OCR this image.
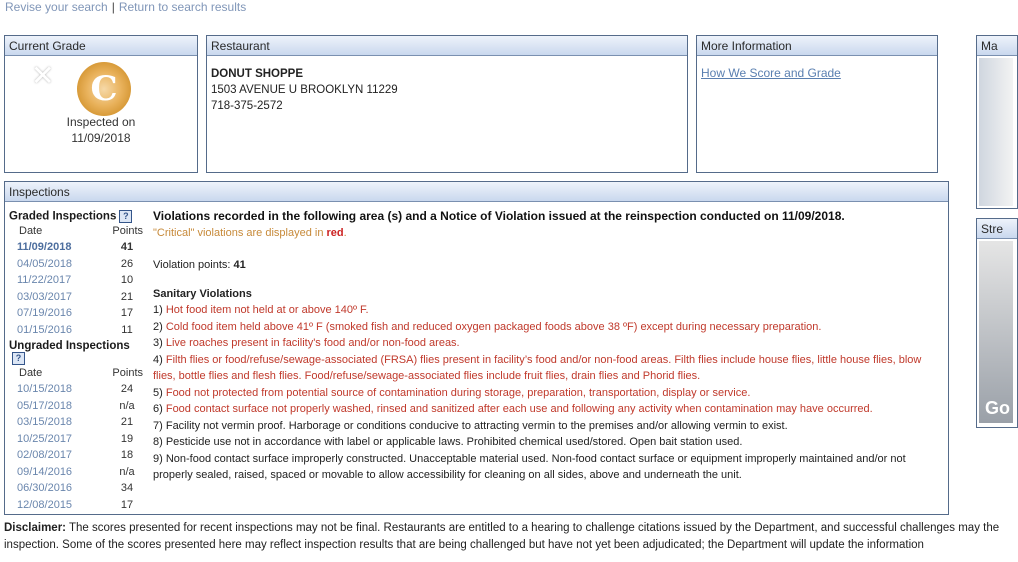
Revise your search | Return to search results
Current Grade
C
✕
Inspected on
11/09/2018
Restaurant
DONUT SHOPPE
1503 AVENUE U BROOKLYN 11229
718-375-2572
More Information
How We Score and Grade
Ma
Stre
Go
Inspections
Graded Inspections ?
Date	Points
11/09/2018	41
04/05/2018	26
11/22/2017	10
03/03/2017	21
07/19/2016	17
01/15/2016	11
Ungraded Inspections?
Date	Points
10/15/2018	24
05/17/2018	n/a
03/15/2018	21
10/25/2017	19
02/08/2017	18
09/14/2016	n/a
06/30/2016	34
12/08/2015	17
Violations recorded in the following area (s) and a Notice of Violation issued at the reinspection conducted on 11/09/2018.
"Critical" violations are displayed in red.
Violation points: 41
Sanitary Violations
1) Hot food item not held at or above 140º F.
2) Cold food item held above 41º F (smoked fish and reduced oxygen packaged foods above 38 ºF) except during necessary preparation.
3) Live roaches present in facility's food and/or non-food areas.
4) Filth flies or food/refuse/sewage-associated (FRSA) flies present in facility’s food and/or non-food areas. Filth flies include house flies, little house flies, blow flies, bottle flies and flesh flies. Food/refuse/sewage-associated flies include fruit flies, drain flies and Phorid flies.
5) Food not protected from potential source of contamination during storage, preparation, transportation, display or service.
6) Food contact surface not properly washed, rinsed and sanitized after each use and following any activity when contamination may have occurred.
7) Facility not vermin proof. Harborage or conditions conducive to attracting vermin to the premises and/or allowing vermin to exist.
8) Pesticide use not in accordance with label or applicable laws. Prohibited chemical used/stored. Open bait station used.
9) Non-food contact surface improperly constructed. Unacceptable material used. Non-food contact surface or equipment improperly maintained and/or not properly sealed, raised, spaced or movable to allow accessibility for cleaning on all sides, above and underneath the unit.
Disclaimer: The scores presented for recent inspections may not be final. Restaurants are entitled to a hearing to challenge citations issued by the Department, and successful challenges may the inspection. Some of the scores presented here may reflect inspection results that are being challenged but have not yet been adjudicated; the Department will update the information
